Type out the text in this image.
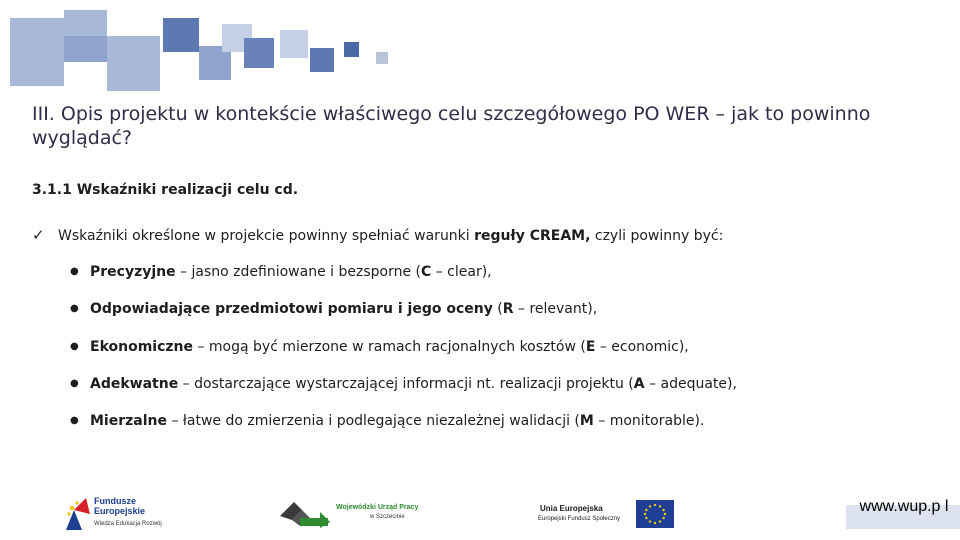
III. Opis projektu w kontekście właściwego celu szczegółowego PO WER – jak to powinno wyglądać?
3.1.1 Wskaźniki realizacji celu cd.
✓ Wskaźniki określone w projekcie powinny spełniać warunki reguły CREAM, czyli powinny być:
● Precyzyjne – jasno zdefiniowane i bezsporne (C – clear),
● Odpowiadające przedmiotowi pomiaru i jego oceny (R – relevant),
● Ekonomiczne – mogą być mierzone w ramach racjonalnych kosztów (E – economic),
● Adekwatne – dostarczające wystarczającej informacji nt. realizacji projektu (A – adequate),
● Mierzalne – łatwe do zmierzenia i podlegające niezależnej walidacji (M – monitorable).
Fundusze
Europejskie
Wiedza Edukacja Rozwój
Wojewódzki Urząd Pracy
w Szczecinie
Unia Europejska
Europejski Fundusz Społeczny
www.wup.p l
